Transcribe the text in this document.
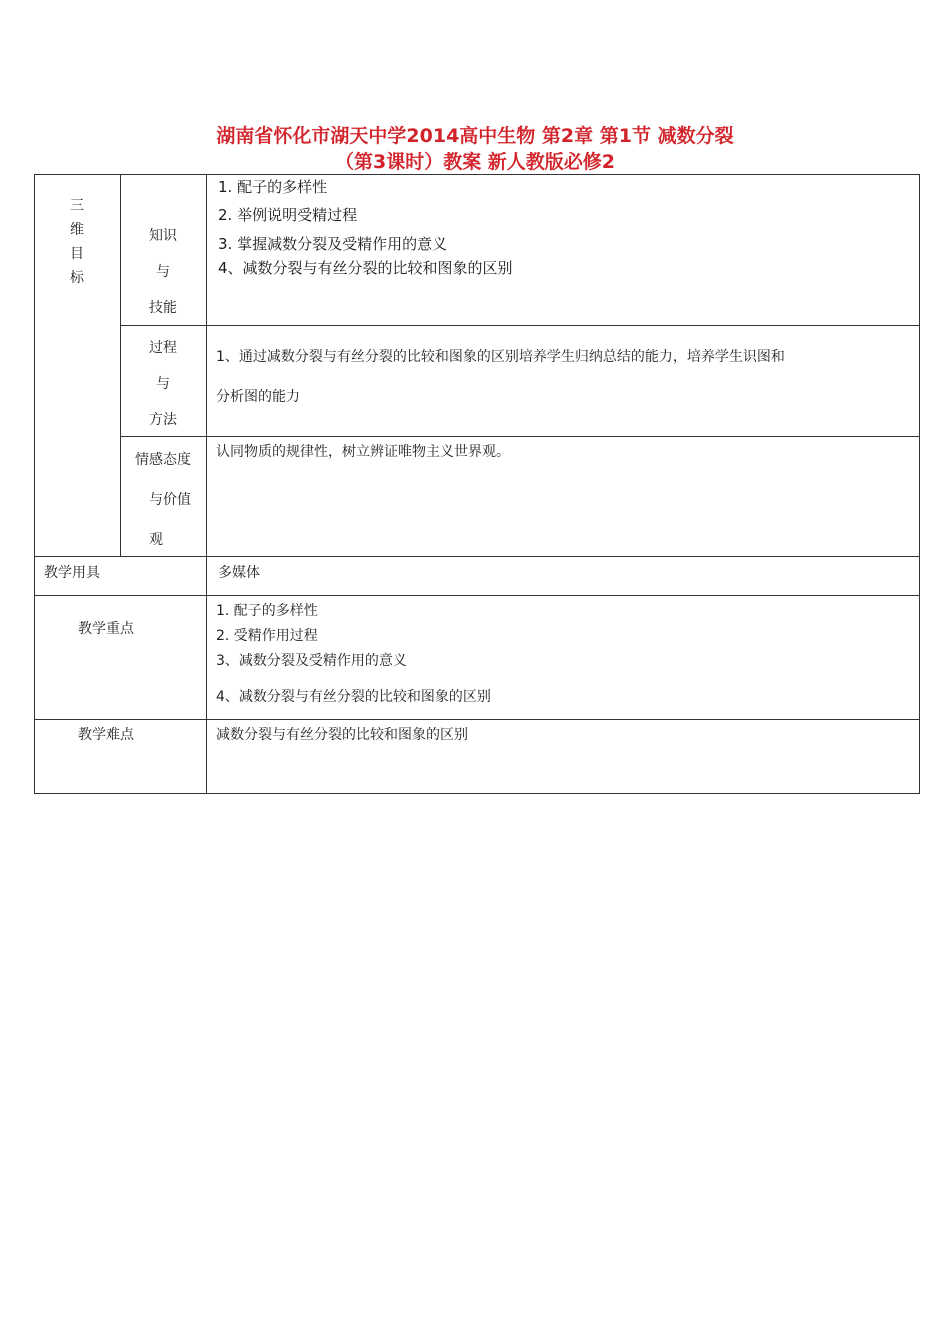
湖南省怀化市湖天中学2014高中生物 第2章 第1节 减数分裂
（第3课时）教案 新人教版必修2
三
维
目
标
知识
与
技能
1. 配子的多样性
2. 举例说明受精过程
3. 掌握减数分裂及受精作用的意义
4、减数分裂与有丝分裂的比较和图象的区别
过程
与
方法
1、通过减数分裂与有丝分裂的比较和图象的区别培养学生归纳总结的能力，培养学生识图和
分析图的能力
情感态度
与价值
观
认同物质的规律性，树立辨证唯物主义世界观。
教学用具	多媒体
教学重点
1. 配子的多样性
2. 受精作用过程
3、减数分裂及受精作用的意义
4、减数分裂与有丝分裂的比较和图象的区别
教学难点	减数分裂与有丝分裂的比较和图象的区别
